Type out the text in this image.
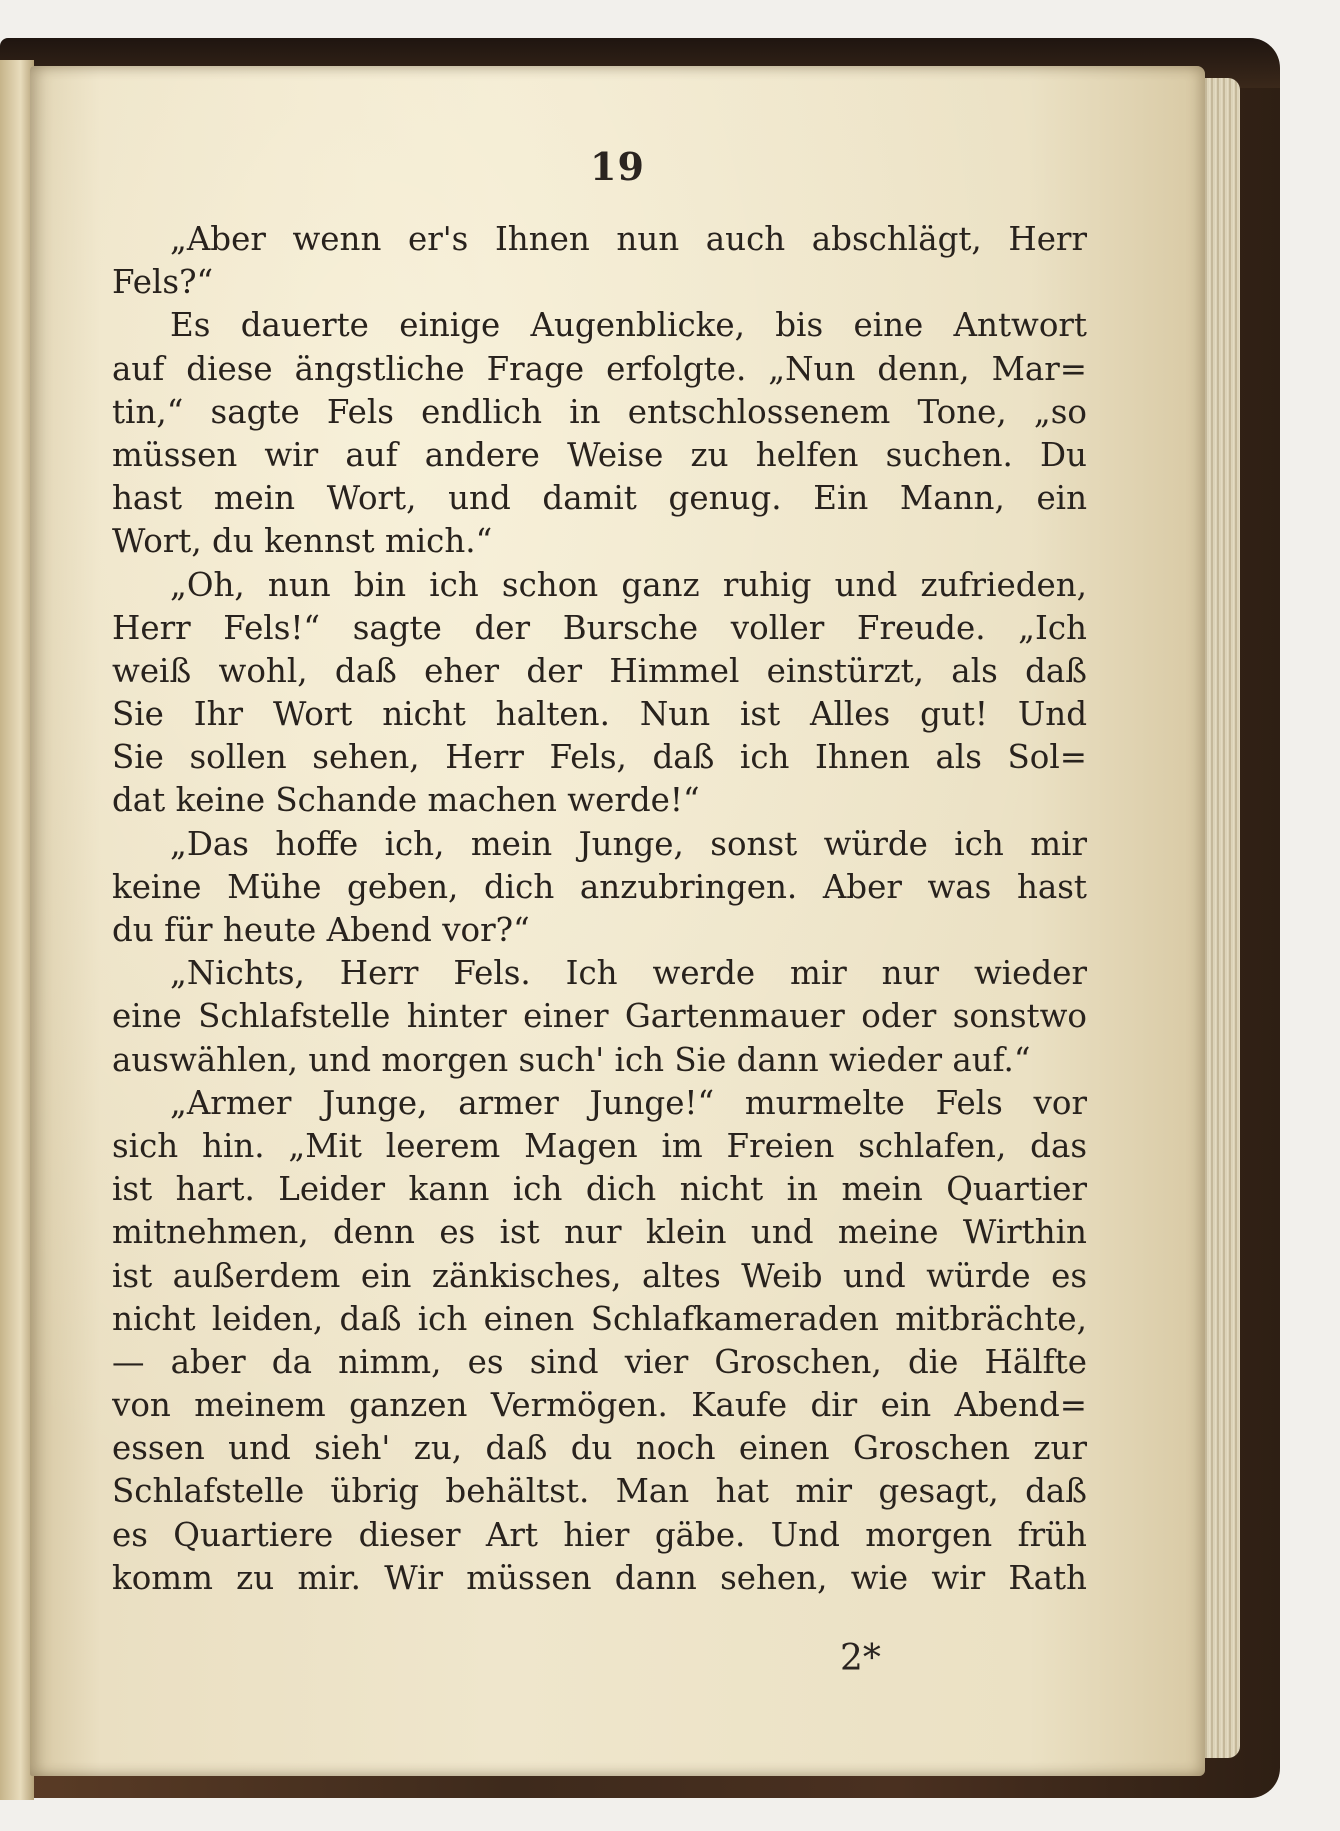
19
„Aber wenn er's Ihnen nun auch abschlägt, Herr
Fels?“
Es dauerte einige Augenblicke, bis eine Antwort
auf diese ängstliche Frage erfolgte. „Nun denn, Mar=
tin,“ sagte Fels endlich in entschlossenem Tone, „so
müssen wir auf andere Weise zu helfen suchen. Du
hast mein Wort, und damit genug. Ein Mann, ein
Wort, du kennst mich.“
„Oh, nun bin ich schon ganz ruhig und zufrieden,
Herr Fels!“ sagte der Bursche voller Freude. „Ich
weiß wohl, daß eher der Himmel einstürzt, als daß
Sie Ihr Wort nicht halten. Nun ist Alles gut! Und
Sie sollen sehen, Herr Fels, daß ich Ihnen als Sol=
dat keine Schande machen werde!“
„Das hoffe ich, mein Junge, sonst würde ich mir
keine Mühe geben, dich anzubringen. Aber was hast
du für heute Abend vor?“
„Nichts, Herr Fels. Ich werde mir nur wieder
eine Schlafstelle hinter einer Gartenmauer oder sonstwo
auswählen, und morgen such' ich Sie dann wieder auf.“
„Armer Junge, armer Junge!“ murmelte Fels vor
sich hin. „Mit leerem Magen im Freien schlafen, das
ist hart. Leider kann ich dich nicht in mein Quartier
mitnehmen, denn es ist nur klein und meine Wirthin
ist außerdem ein zänkisches, altes Weib und würde es
nicht leiden, daß ich einen Schlafkameraden mitbrächte,
— aber da nimm, es sind vier Groschen, die Hälfte
von meinem ganzen Vermögen. Kaufe dir ein Abend=
essen und sieh' zu, daß du noch einen Groschen zur
Schlafstelle übrig behältst. Man hat mir gesagt, daß
es Quartiere dieser Art hier gäbe. Und morgen früh
komm zu mir. Wir müssen dann sehen, wie wir Rath
2*
